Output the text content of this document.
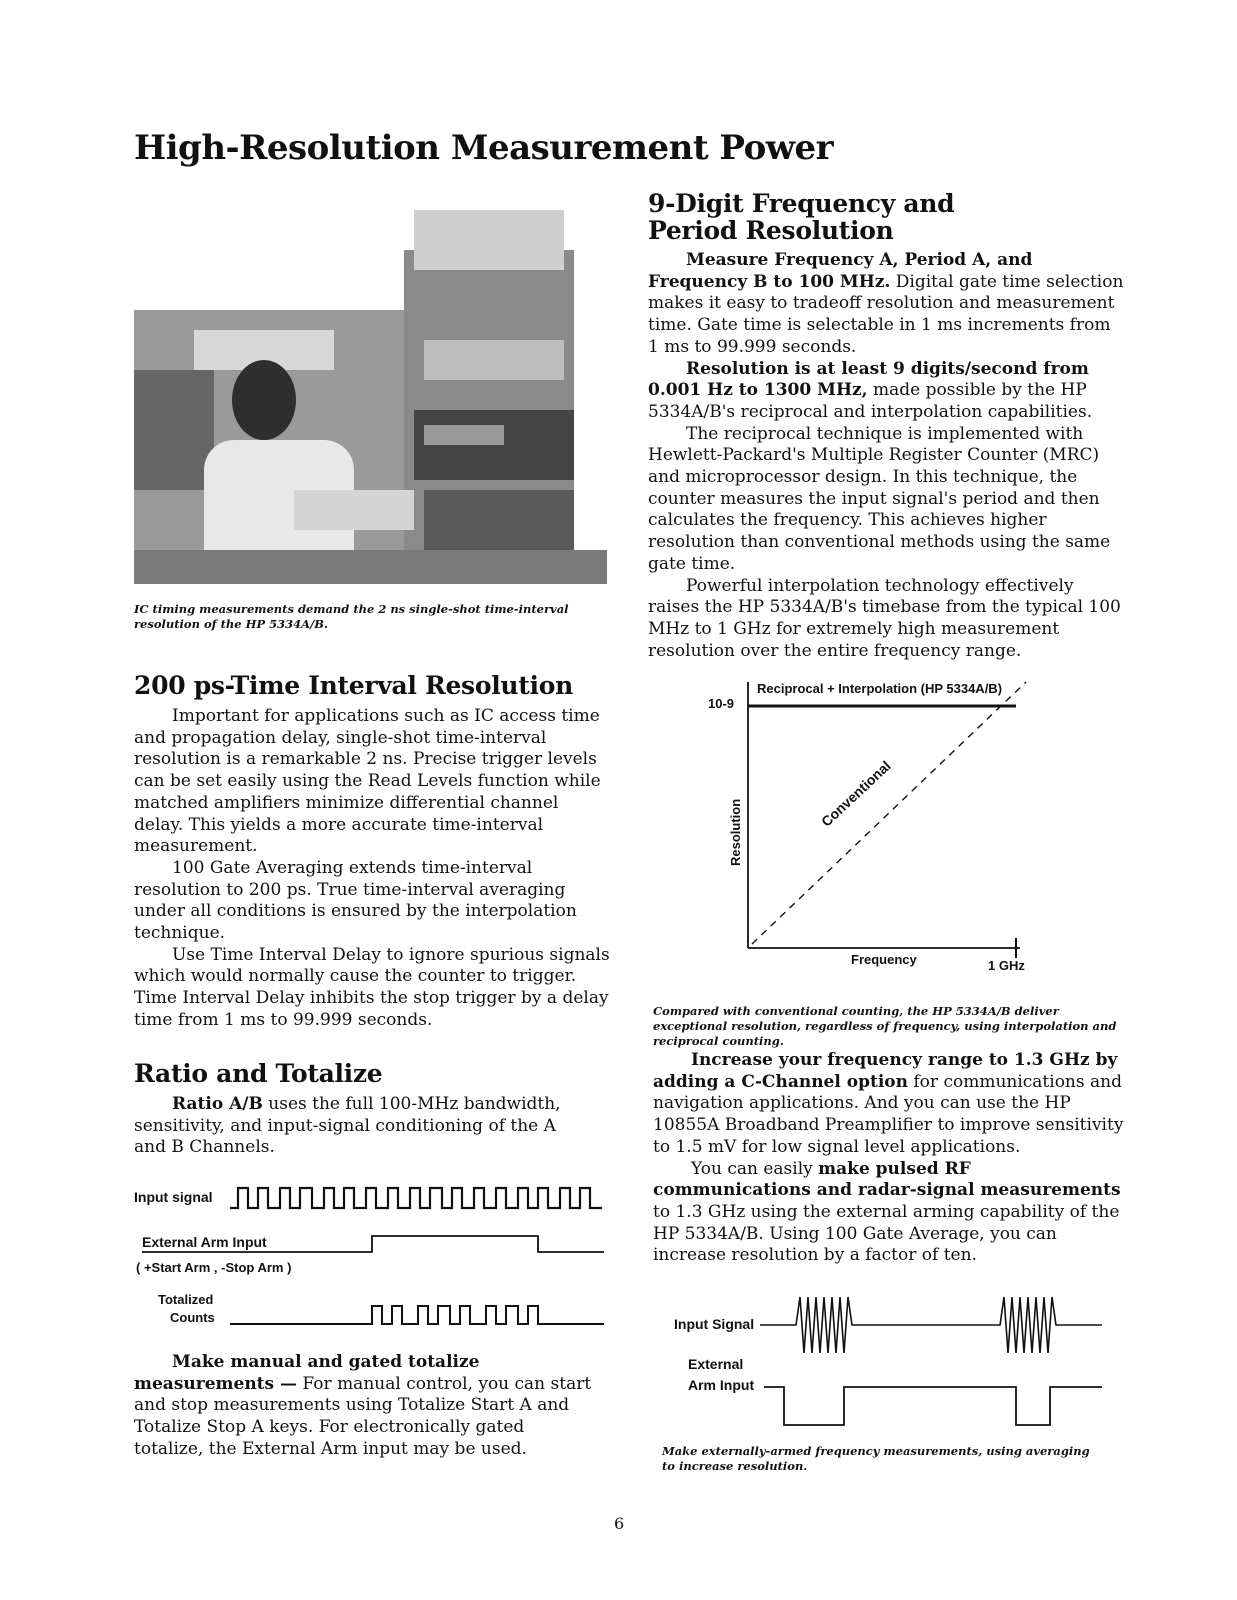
High-Resolution Measurement Power
IC timing measurements demand the 2 ns single-shot time-interval resolution of the HP 5334A/B.
200 ps-Time Interval Resolution

Important for applications such as IC access time and propagation delay, single-shot time-interval resolution is a remarkable 2 ns. Precise trigger levels can be set easily using the Read Levels function while matched amplifiers minimize differential channel delay. This yields a more accurate time-interval measurement.

100 Gate Averaging extends time-interval resolution to 200 ps. True time-interval averaging under all conditions is ensured by the interpolation technique.

Use Time Interval Delay to ignore spurious signals which would normally cause the counter to trigger. Time Interval Delay inhibits the stop trigger by a delay time from 1 ms to 99.999 seconds.

Ratio and Totalize

Ratio A/B uses the full 100-MHz bandwidth, sensitivity, and input-signal conditioning of the A and B Channels.

Input signal
External Arm Input
( +Start Arm , -Stop Arm )
Totalized
Counts

Make manual and gated totalize measurements — For manual control, you can start and stop measurements using Totalize Start A and Totalize Stop A keys. For electronically gated totalize, the External Arm input may be used.

9-Digit Frequency and
Period Resolution

Measure Frequency A, Period A, and Frequency B to 100 MHz. Digital gate time selection makes it easy to tradeoff resolution and measurement time. Gate time is selectable in 1 ms increments from 1 ms to 99.999 seconds.

Resolution is at least 9 digits/second from 0.001 Hz to 1300 MHz, made possible by the HP 5334A/B's reciprocal and interpolation capabilities.

The reciprocal technique is implemented with Hewlett-Packard's Multiple Register Counter (MRC) and microprocessor design. In this technique, the counter measures the input signal's period and then calculates the frequency. This achieves higher resolution than conventional methods using the same gate time.

Powerful interpolation technology effectively raises the HP 5334A/B's timebase from the typical 100 MHz to 1 GHz for extremely high measurement resolution over the entire frequency range.

Reciprocal + Interpolation (HP 5334A/B)
10-9
Resolution
Conventional
Frequency	1 GHz
Compared with conventional counting, the HP 5334A/B deliver exceptional resolution, regardless of frequency, using interpolation and reciprocal counting.

Increase your frequency range to 1.3 GHz by adding a C-Channel option for communications and navigation applications. And you can use the HP 10855A Broadband Preamplifier to improve sensitivity to 1.5 mV for low signal level applications.

You can easily make pulsed RF communications and radar-signal measurements to 1.3 GHz using the external arming capability of the HP 5334A/B. Using 100 Gate Average, you can increase resolution by a factor of ten.

Input Signal
External
Arm Input
Make externally-armed frequency measurements, using averaging to increase resolution.
6
